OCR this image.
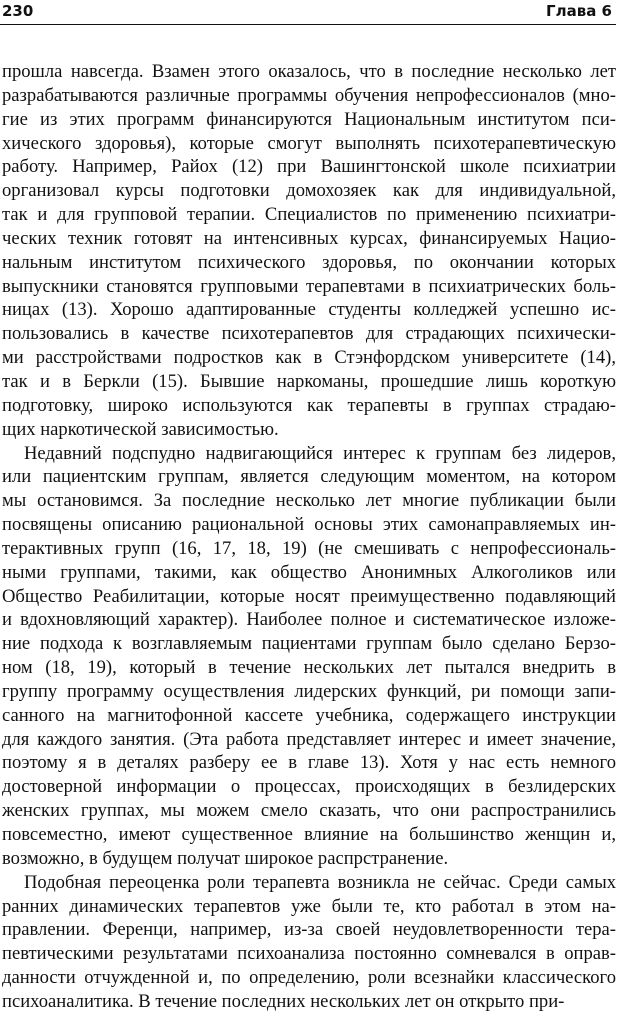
230	Глава 6
прошла навсегда. Взамен этого оказалось, что в последние несколько лет
разрабатываются различные программы обучения непрофессионалов (мно-
гие из этих программ финансируются Национальным институтом пси-
хического здоровья), которые смогут выполнять психотерапевтическую
работу. Например, Райох (12) при Вашингтонской школе психиатрии
организовал курсы подготовки домохозяек как для индивидуальной,
так и для групповой терапии. Специалистов по применению психиатри-
ческих техник готовят на интенсивных курсах, финансируемых Нацио-
нальным институтом психического здоровья, по окончании которых
выпускники становятся групповыми терапевтами в психиатрических боль-
ницах (13). Хорошо адаптированные студенты колледжей успешно ис-
пользовались в качестве психотерапевтов для страдающих психически-
ми расстройствами подростков как в Стэнфордском университете (14),
так и в Беркли (15). Бывшие наркоманы, прошедшие лишь короткую
подготовку, широко используются как терапевты в группах страдаю-
щих наркотической зависимостью.
Недавний подспудно надвигающийся интерес к группам без лидеров,
или пациентским группам, является следующим моментом, на котором
мы остановимся. За последние несколько лет многие публикации были
посвящены описанию рациональной основы этих самонаправляемых ин-
терактивных групп (16, 17, 18, 19) (не смешивать с непрофессиональ-
ными группами, такими, как общество Анонимных Алкоголиков или
Общество Реабилитации, которые носят преимущественно подавляющий
и вдохновляющий характер). Наиболее полное и систематическое изложе-
ние подхода к возглавляемым пациентами группам было сделано Берзо-
ном (18, 19), который в течение нескольких лет пытался внедрить в
группу программу осуществления лидерских функций, ри помощи запи-
санного на магнитофонной кассете учебника, содержащего инструкции
для каждого занятия. (Эта работа представляет интерес и имеет значение,
поэтому я в деталях разберу ее в главе 13). Хотя у нас есть немного
достоверной информации о процессах, происходящих в безлидерских
женских группах, мы можем смело сказать, что они распространились
повсеместно, имеют существенное влияние на большинство женщин и,
возможно, в будущем получат широкое распрстранение.
Подобная переоценка роли терапевта возникла не сейчас. Среди самых
ранних динамических терапевтов уже были те, кто работал в этом на-
правлении. Ференци, например, из-за своей неудовлетворенности тера-
певтическими результатами психоанализа постоянно сомневался в оправ-
данности отчужденной и, по определению, роли всезнайки классического
психоаналитика. В течение последних нескольких лет он открыто при-
